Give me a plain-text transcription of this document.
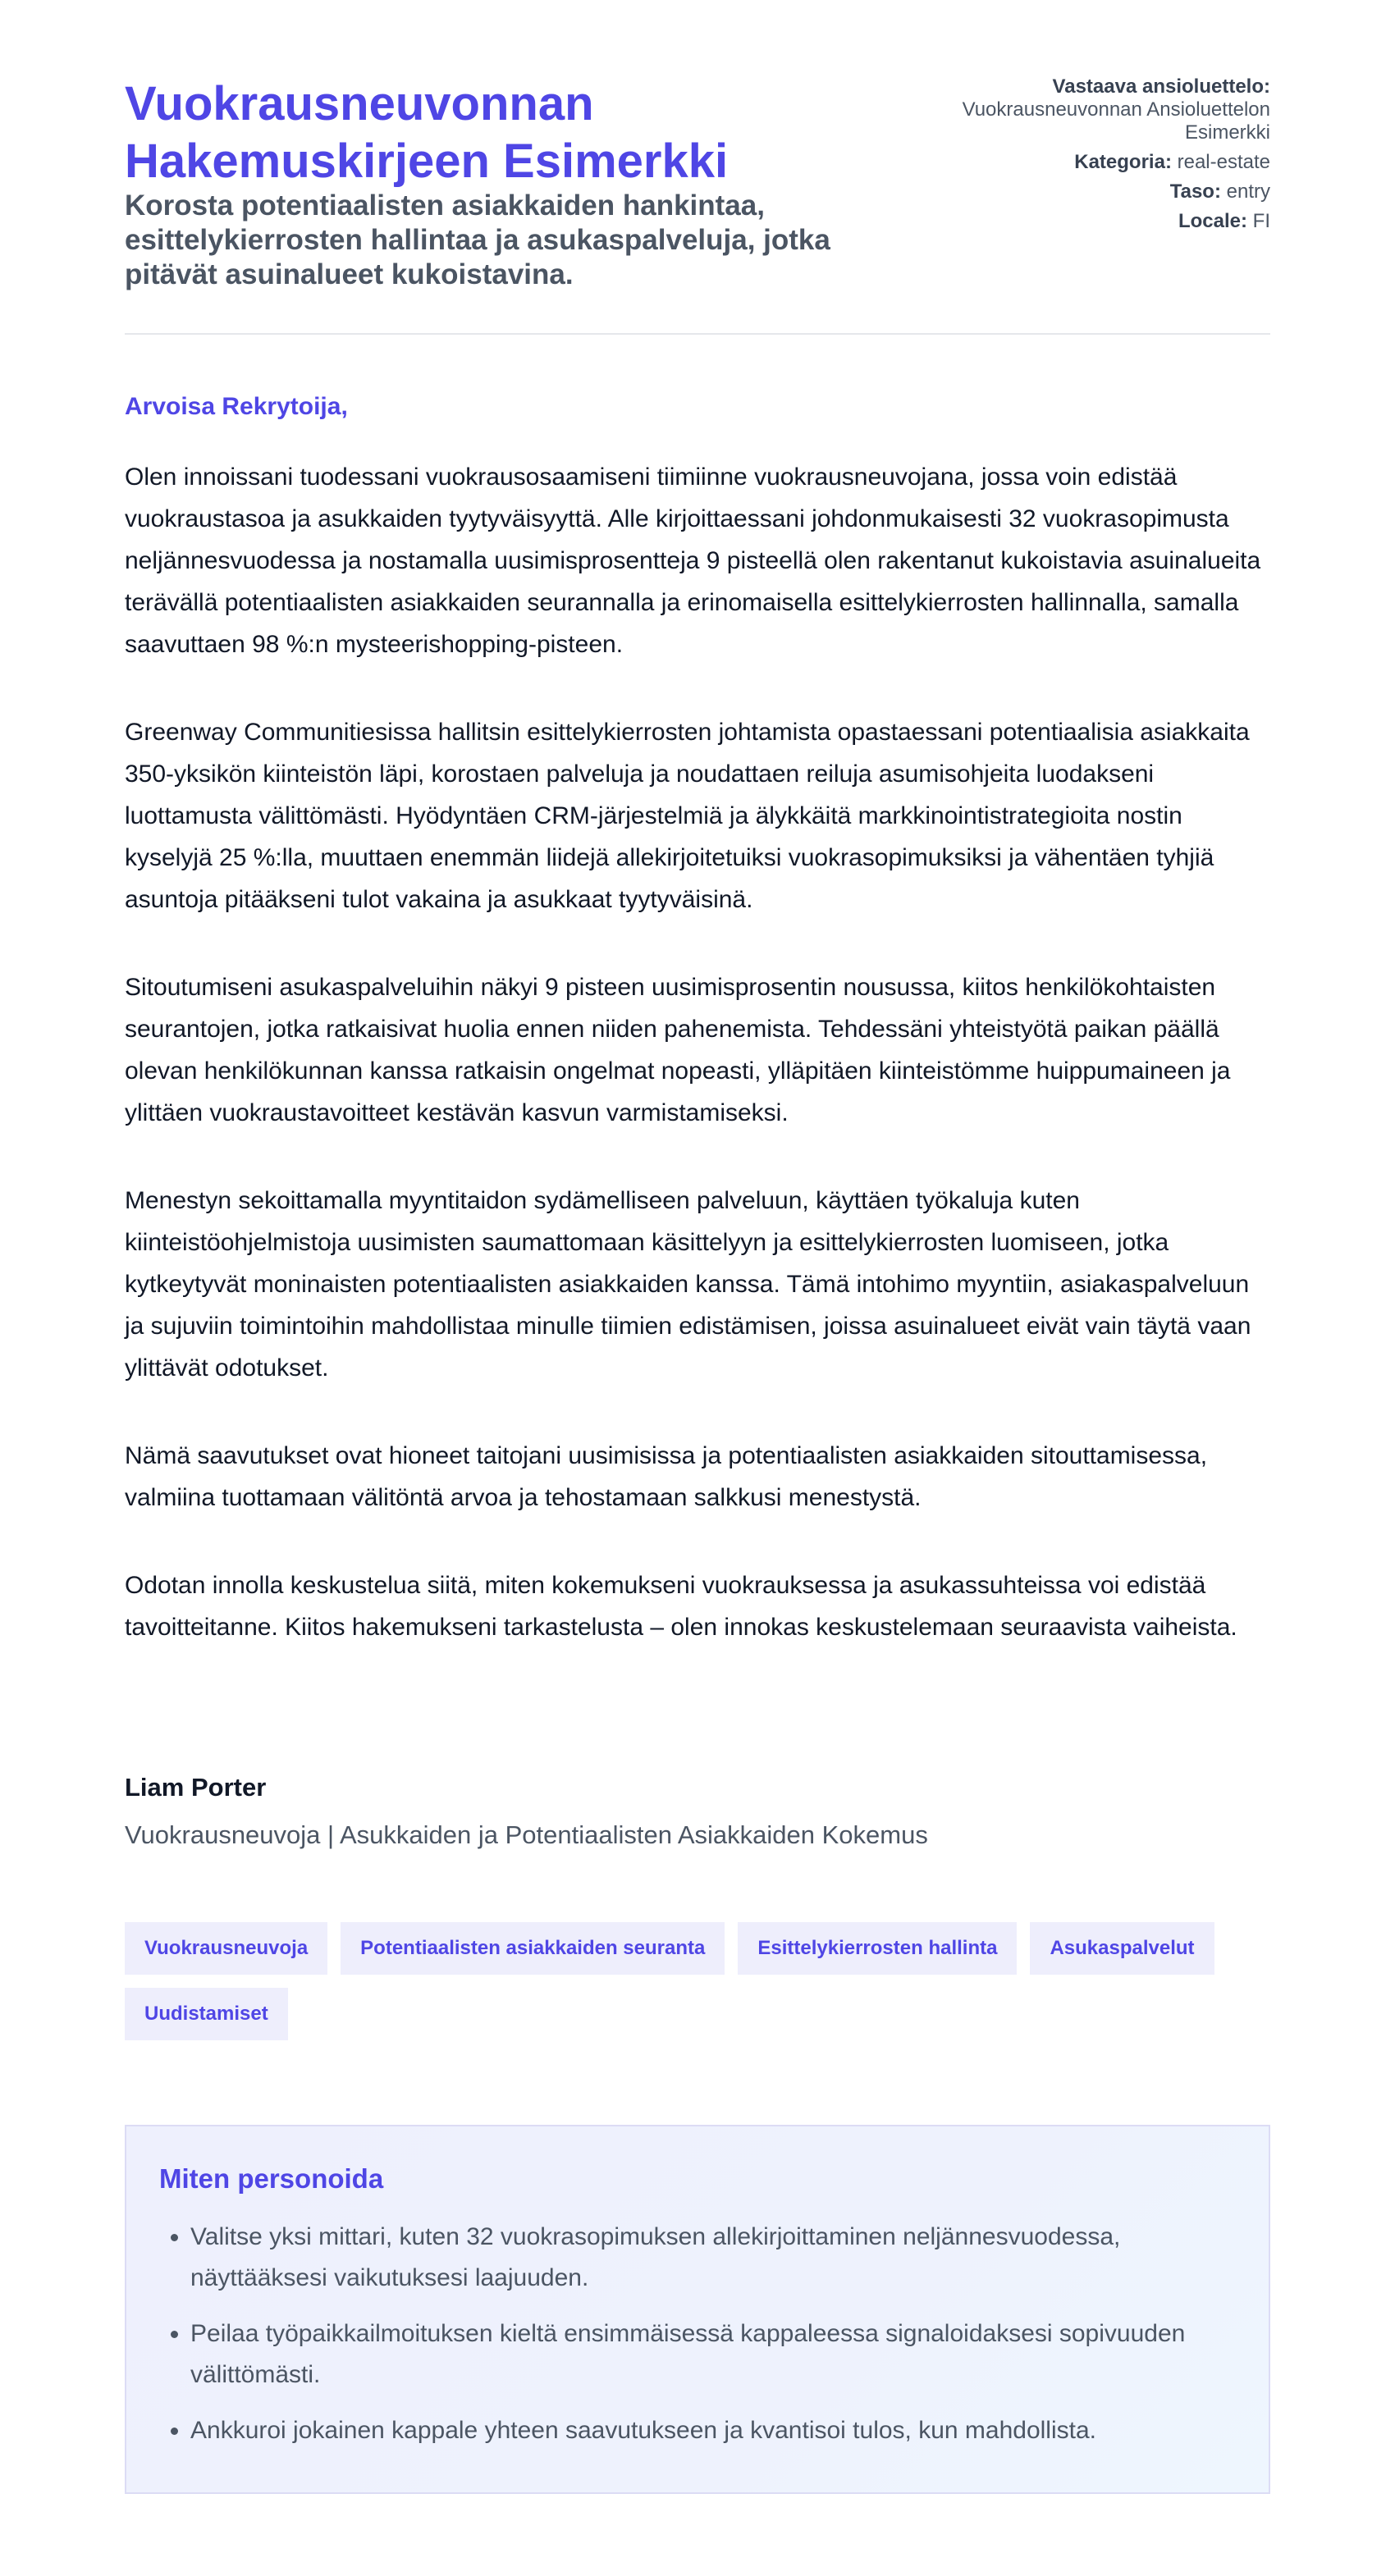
Vuokrausneuvonnan Hakemuskirjeen Esimerkki

Korosta potentiaalisten asiakkaiden hankintaa, esittelykierrosten hallintaa ja asukaspalveluja, jotka pitävät asuinalueet kukoistavina.

Vastaava ansioluettelo:
Vuokrausneuvonnan Ansioluettelon Esimerkki
Kategoria: real-estate
Taso: entry
Locale: FI

Arvoisa Rekrytoija,

Olen innoissani tuodessani vuokrausosaamiseni tiimiinne vuokrausneuvojana, jossa voin edistää vuokraustasoa ja asukkaiden tyytyväisyyttä. Alle kirjoittaessani johdonmukaisesti 32 vuokrasopimusta neljännesvuodessa ja nostamalla uusimisprosentteja 9 pisteellä olen rakentanut kukoistavia asuinalueita terävällä potentiaalisten asiakkaiden seurannalla ja erinomaisella esittelykierrosten hallinnalla, samalla saavuttaen 98 %:n mysteerishopping-pisteen.

Greenway Communitiesissa hallitsin esittelykierrosten johtamista opastaessani potentiaalisia asiakkaita 350-yksikön kiinteistön läpi, korostaen palveluja ja noudattaen reiluja asumisohjeita luodakseni luottamusta välittömästi. Hyödyntäen CRM-järjestelmiä ja älykkäitä markkinointistrategioita nostin kyselyjä 25 %:lla, muuttaen enemmän liidejä allekirjoitetuiksi vuokrasopimuksiksi ja vähentäen tyhjiä asuntoja pitääkseni tulot vakaina ja asukkaat tyytyväisinä.

Sitoutumiseni asukaspalveluihin näkyi 9 pisteen uusimisprosentin nousussa, kiitos henkilökohtaisten seurantojen, jotka ratkaisivat huolia ennen niiden pahenemista. Tehdessäni yhteistyötä paikan päällä olevan henkilökunnan kanssa ratkaisin ongelmat nopeasti, ylläpitäen kiinteistömme huippumaineen ja ylittäen vuokraustavoitteet kestävän kasvun varmistamiseksi.

Menestyn sekoittamalla myyntitaidon sydämelliseen palveluun, käyttäen työkaluja kuten kiinteistöohjelmistoja uusimisten saumattomaan käsittelyyn ja esittelykierrosten luomiseen, jotka kytkeytyvät moninaisten potentiaalisten asiakkaiden kanssa. Tämä intohimo myyntiin, asiakaspalveluun ja sujuviin toimintoihin mahdollistaa minulle tiimien edistämisen, joissa asuinalueet eivät vain täytä vaan ylittävät odotukset.

Nämä saavutukset ovat hioneet taitojani uusimisissa ja potentiaalisten asiakkaiden sitouttamisessa, valmiina tuottamaan välitöntä arvoa ja tehostamaan salkkusi menestystä.

Odotan innolla keskustelua siitä, miten kokemukseni vuokrauksessa ja asukassuhteissa voi edistää tavoitteitanne. Kiitos hakemukseni tarkastelusta – olen innokas keskustelemaan seuraavista vaiheista.

Liam Porter

Vuokrausneuvoja | Asukkaiden ja Potentiaalisten Asiakkaiden Kokemus

Vuokrausneuvoja	Potentiaalisten asiakkaiden seuranta	Esittelykierrosten hallinta	Asukaspalvelut
Uudistamiset
Miten personoida
• Valitse yksi mittari, kuten 32 vuokrasopimuksen allekirjoittaminen neljännesvuodessa, näyttääksesi vaikutuksesi laajuuden.
• Peilaa työpaikkailmoituksen kieltä ensimmäisessä kappaleessa signaloidaksesi sopivuuden välittömästi.
• Ankkuroi jokainen kappale yhteen saavutukseen ja kvantisoi tulos, kun mahdollista.
